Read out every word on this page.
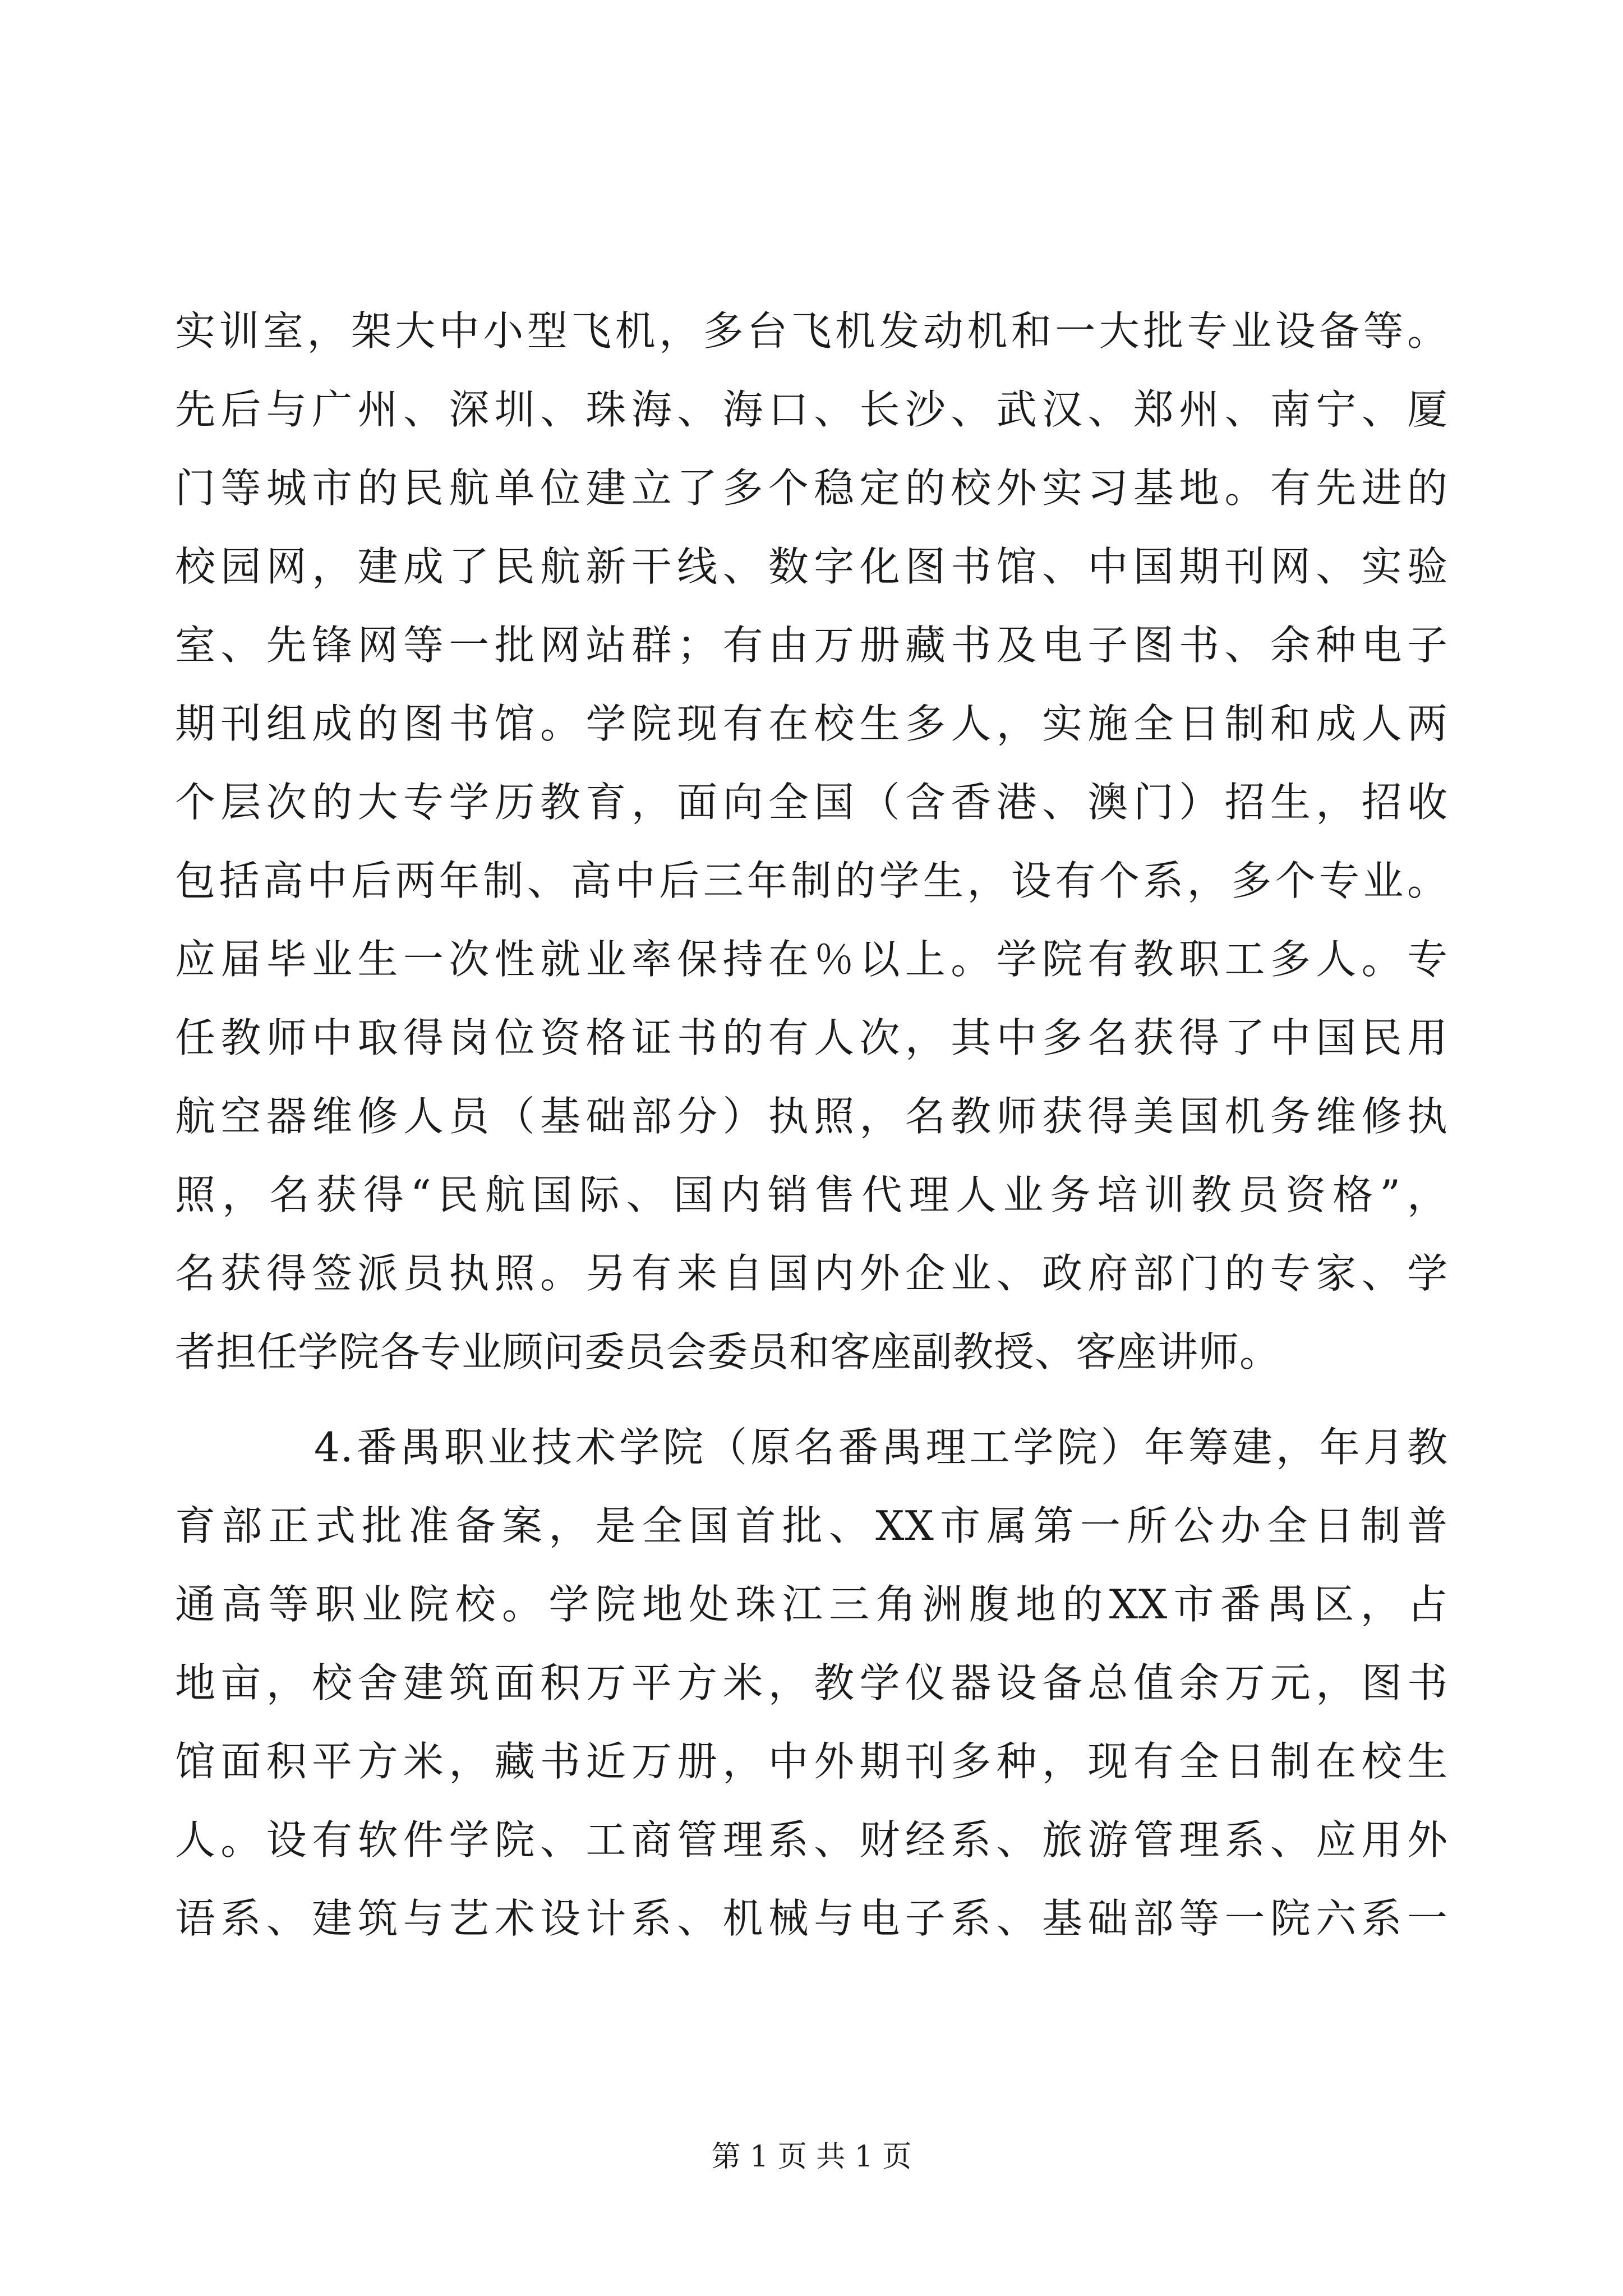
实训室，架大中小型飞机，多台飞机发动机和一大批专业设备等。
先后与广州、深圳、珠海、海口、长沙、武汉、郑州、南宁、厦
门等城市的民航单位建立了多个稳定的校外实习基地。有先进的
校园网，建成了民航新干线、数字化图书馆、中国期刊网、实验
室、先锋网等一批网站群；有由万册藏书及电子图书、余种电子
期刊组成的图书馆。学院现有在校生多人，实施全日制和成人两
个层次的大专学历教育，面向全国（含香港、澳门）招生，招收
包括高中后两年制、高中后三年制的学生，设有个系，多个专业。
应届毕业生一次性就业率保持在％以上。学院有教职工多人。专
任教师中取得岗位资格证书的有人次，其中多名获得了中国民用
航空器维修人员（基础部分）执照，名教师获得美国机务维修执
照，名获得“民航国际、国内销售代理人业务培训教员资格”，
名获得签派员执照。另有来自国内外企业、政府部门的专家、学
者担任学院各专业顾问委员会委员和客座副教授、客座讲师。
4.番禺职业技术学院（原名番禺理工学院）年筹建，年月教
育部正式批准备案，是全国首批、XX市属第一所公办全日制普
通高等职业院校。学院地处珠江三角洲腹地的XX市番禺区，占
地亩，校舍建筑面积万平方米，教学仪器设备总值余万元，图书
馆面积平方米，藏书近万册，中外期刊多种，现有全日制在校生
人。设有软件学院、工商管理系、财经系、旅游管理系、应用外
语系、建筑与艺术设计系、机械与电子系、基础部等一院六系一
第 1 页 共 1 页
